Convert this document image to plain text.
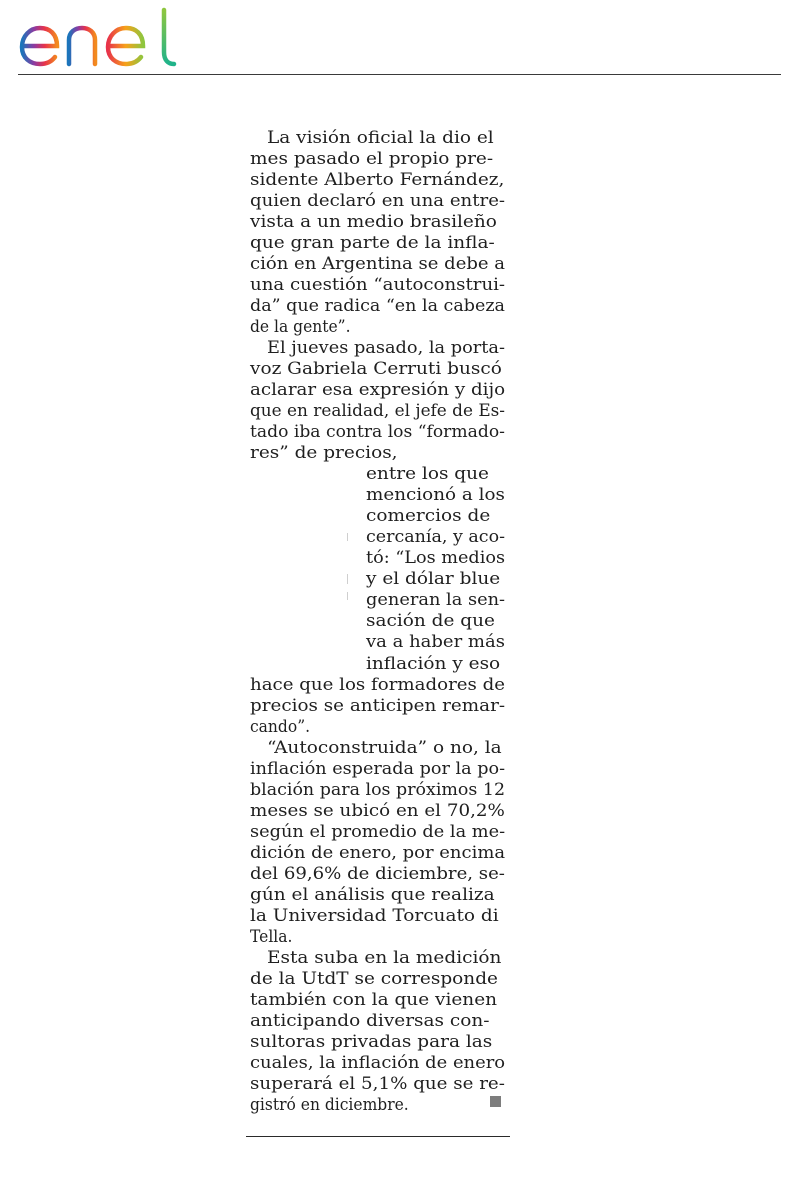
La visión oficial la dio el
mes pasado el propio pre-
sidente Alberto Fernández,
quien declaró en una entre-
vista a un medio brasileño
que gran parte de la infla-
ción en Argentina se debe a
una cuestión “autoconstrui-
da” que radica “en la cabeza
de la gente”.
El jueves pasado, la porta-
voz Gabriela Cerruti buscó
aclarar esa expresión y dijo
que en realidad, el jefe de Es-
tado iba contra los “formado-
res” de precios,
entre los que
mencionó a los
comercios de
cercanía, y aco-
tó: “Los medios
y el dólar blue
generan la sen-
sación de que
va a haber más
inflación y eso
hace que los formadores de
precios se anticipen remar-
cando”.
“Autoconstruida” o no, la
inflación esperada por la po-
blación para los próximos 12
meses se ubicó en el 70,2%
según el promedio de la me-
dición de enero, por encima
del 69,6% de diciembre, se-
gún el análisis que realiza
la Universidad Torcuato di
Tella.
Esta suba en la medición
de la UtdT se corresponde
también con la que vienen
anticipando diversas con-
sultoras privadas para las
cuales, la inflación de enero
superará el 5,1% que se re-
gistró en diciembre.
